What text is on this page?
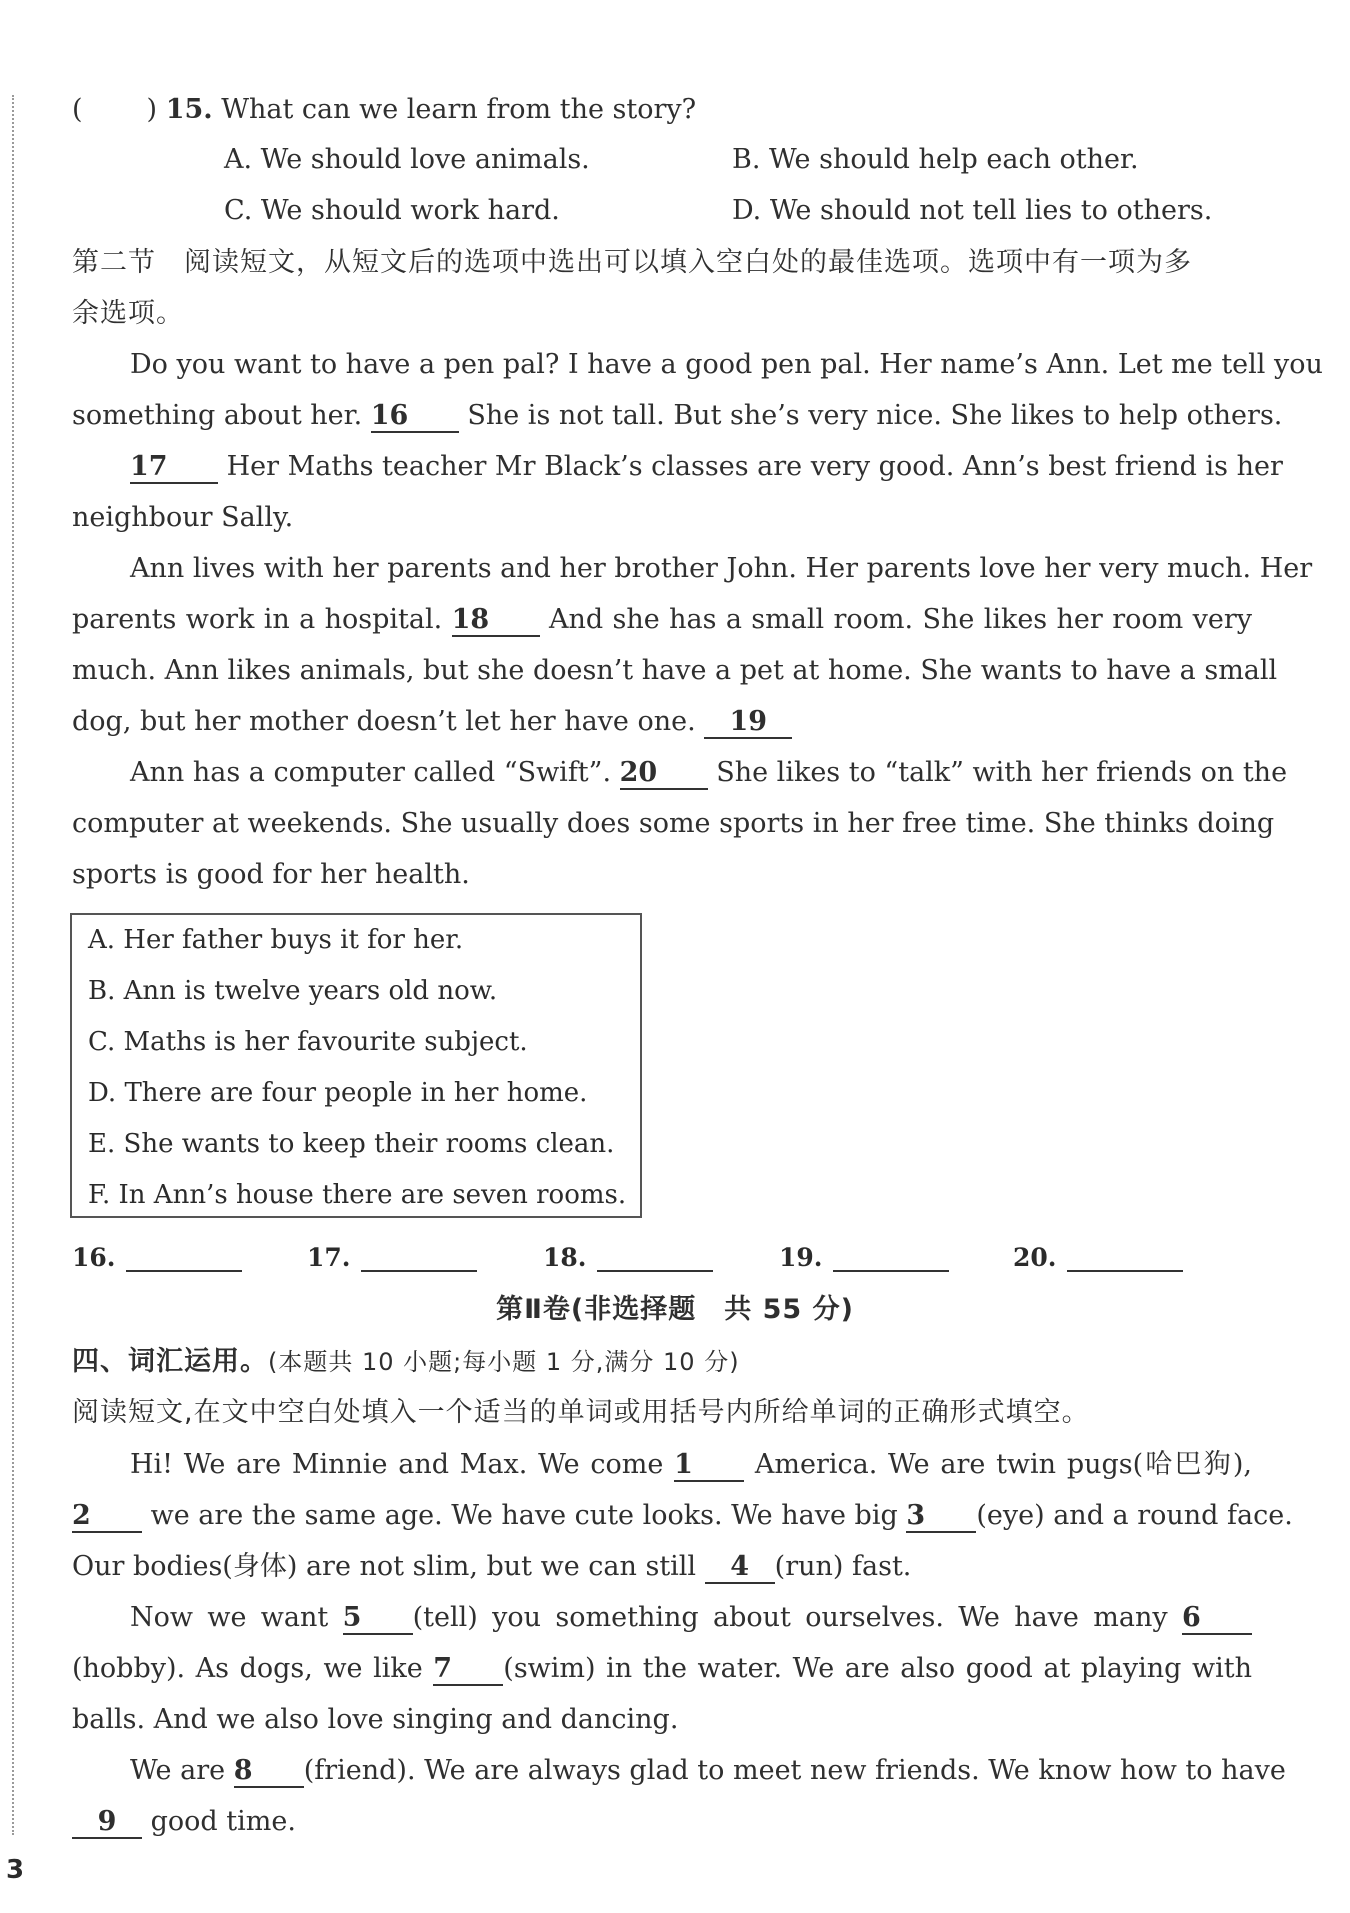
( ) 15. What can we learn from the story?
A. We should love animals.	B. We should help each other.
C. We should work hard.	D. We should not tell lies to others.
第二节　阅读短文，从短文后的选项中选出可以填入空白处的最佳选项。选项中有一项为多
余选项。
Do you want to have a pen pal? I have a good pen pal. Her name’s Ann. Let me tell you
something about her. 16 She is not tall. But she’s very nice. She likes to help others.
17 Her Maths teacher Mr Black’s classes are very good. Ann’s best friend is her
neighbour Sally.
Ann lives with her parents and her brother John. Her parents love her very much. Her
parents work in a hospital. 18 And she has a small room. She likes her room very
much. Ann likes animals, but she doesn’t have a pet at home. She wants to have a small
dog, but her mother doesn’t let her have one. 19
Ann has a computer called “Swift”. 20 She likes to “talk” with her friends on the
computer at weekends. She usually does some sports in her free time. She thinks doing
sports is good for her health.
A. Her father buys it for her.
B. Ann is twelve years old now.
C. Maths is her favourite subject.
D. There are four people in her home.
E. She wants to keep their rooms clean.
F. In Ann’s house there are seven rooms.
16.	17.	18.	19.	20.
第Ⅱ卷(非选择题　共 55 分)
四、词汇运用。(本题共 10 小题;每小题 1 分,满分 10 分)
阅读短文,在文中空白处填入一个适当的单词或用括号内所给单词的正确形式填空。
Hi! We are Minnie and Max. We come 1 America. We are twin pugs(哈巴狗),
2 we are the same age. We have cute looks. We have big 3 (eye) and a round face.
Our bodies(身体) are not slim, but we can still 4 (run) fast.
Now we want 5 (tell) you something about ourselves. We have many 6
(hobby). As dogs, we like 7 (swim) in the water. We are also good at playing with
balls. And we also love singing and dancing.
We are 8 (friend). We are always glad to meet new friends. We know how to have
9 good time.
3
